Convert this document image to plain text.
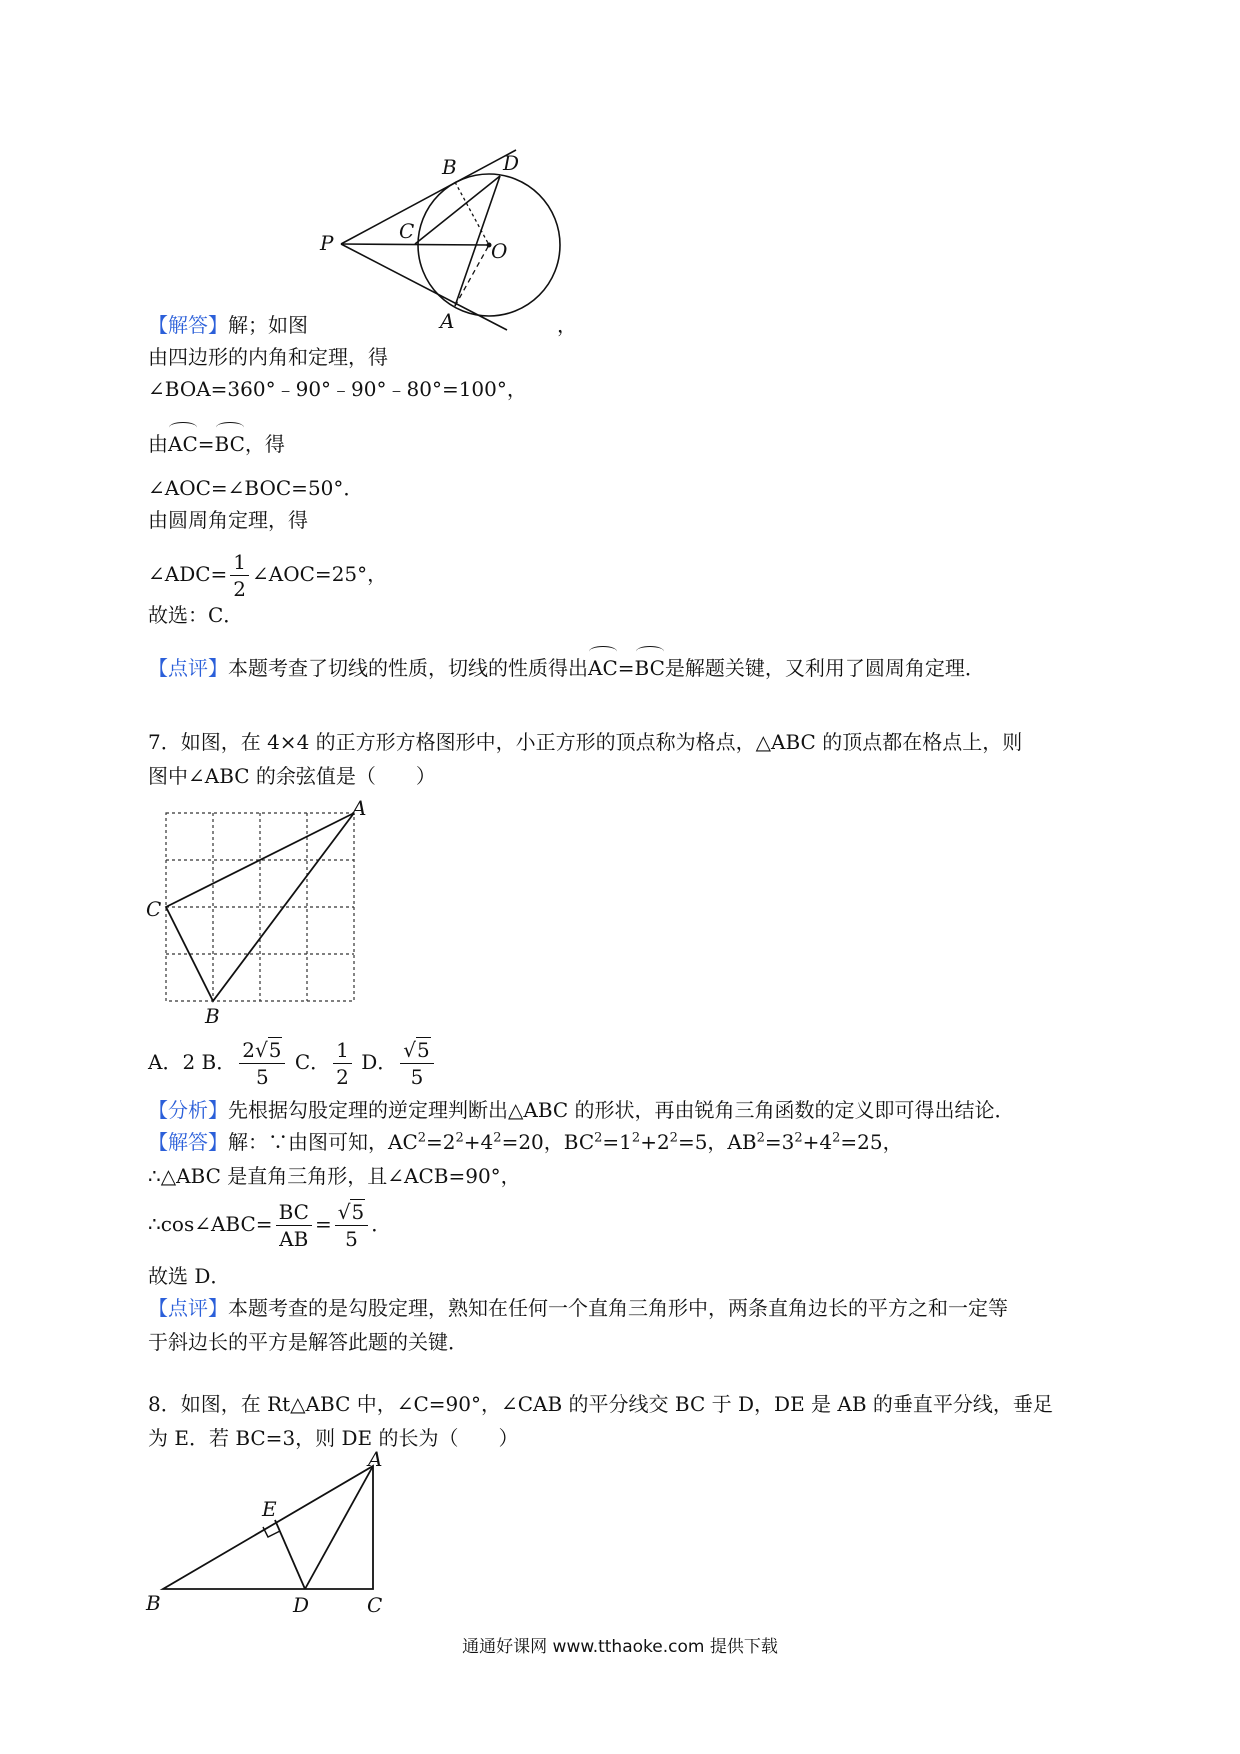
B D
C
P	O
A
【解答】解；如图	，
由四边形的内角和定理，得
∠BOA=360°﹣90°﹣90°﹣80°=100°，
由AC=BC，得
∠AOC=∠BOC=50°．
由圆周角定理，得
∠ADC= $\frac{1}{2}$ ∠AOC=25°，
故选：C．
【点评】本题考查了切线的性质，切线的性质得出AC=BC是解题关键，又利用了圆周角定理．
7．如图，在 4×4 的正方形方格图形中，小正方形的顶点称为格点，△ABC 的顶点都在格点上，则
图中∠ABC 的余弦值是（　　）
A
C
B
A．2 B． $\frac{2√5}{5}$ C． $\frac{1}{2}$ D． $\frac{√5}{5}$
【分析】先根据勾股定理的逆定理判断出△ABC 的形状，再由锐角三角函数的定义即可得出结论．
【解答】解：∵由图可知，$AC^2=2^2+4^2=20$，$BC^2=1^2+2^2=5$，$AB^2=3^2+4^2=25$，
∴△ABC 是直角三角形，且∠ACB=90°，
∴cos∠ABC= $\frac{BC}{AB} = \frac{√5}{5}$ ．
故选 D．
【点评】本题考查的是勾股定理，熟知在任何一个直角三角形中，两条直角边长的平方之和一定等
于斜边长的平方是解答此题的关键．
8．如图，在 Rt△ABC 中，∠C=90°，∠CAB 的平分线交 BC 于 D，DE 是 AB 的垂直平分线，垂足
为 E．若 BC=3，则 DE 的长为（　　）
A
E
B	D	C
通通好课网 www.tthaoke.com 提供下载
